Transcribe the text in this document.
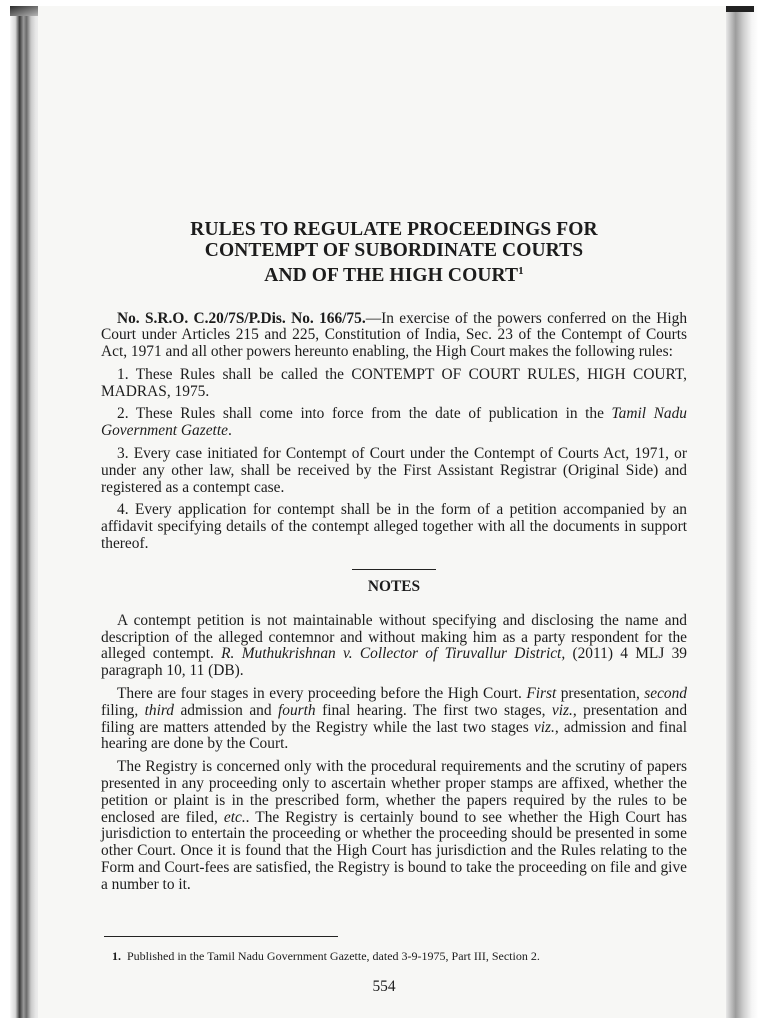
RULES TO REGULATE PROCEEDINGS FOR
CONTEMPT OF SUBORDINATE COURTS
AND OF THE HIGH COURT$^1$

No. S.R.O. C.20/7S/P.Dis. No. 166/75.—In exercise of the powers conferred on the High Court under Articles 215 and 225, Constitution of India, Sec. 23 of the Contempt of Courts Act, 1971 and all other powers hereunto enabling, the High Court makes the following rules:

1. These Rules shall be called the CONTEMPT OF COURT RULES, HIGH COURT, MADRAS, 1975.

2. These Rules shall come into force from the date of publication in the Tamil Nadu Government Gazette.

3. Every case initiated for Contempt of Court under the Contempt of Courts Act, 1971, or under any other law, shall be received by the First Assistant Registrar (Original Side) and registered as a contempt case.

4. Every application for contempt shall be in the form of a petition accompanied by an affidavit specifying details of the contempt alleged together with all the documents in support thereof.

NOTES

A contempt petition is not maintainable without specifying and disclosing the name and description of the alleged contemnor and without making him as a party respondent for the alleged contempt. R. Muthukrishnan v. Collector of Tiruvallur District, (2011) 4 MLJ 39 paragraph 10, 11 (DB).

There are four stages in every proceeding before the High Court. First presentation, second filing, third admission and fourth final hearing. The first two stages, viz., presentation and filing are matters attended by the Registry while the last two stages viz., admission and final hearing are done by the Court.

The Registry is concerned only with the procedural requirements and the scrutiny of papers presented in any proceeding only to ascertain whether proper stamps are affixed, whether the petition or plaint is in the prescribed form, whether the papers required by the rules to be enclosed are filed, etc.. The Registry is certainly bound to see whether the High Court has jurisdiction to entertain the proceeding or whether the proceeding should be presented in some other Court. Once it is found that the High Court has jurisdiction and the Rules relating to the Form and Court-fees are satisfied, the Registry is bound to take the proceeding on file and give a number to it.

1. Published in the Tamil Nadu Government Gazette, dated 3-9-1975, Part III, Section 2.
554
